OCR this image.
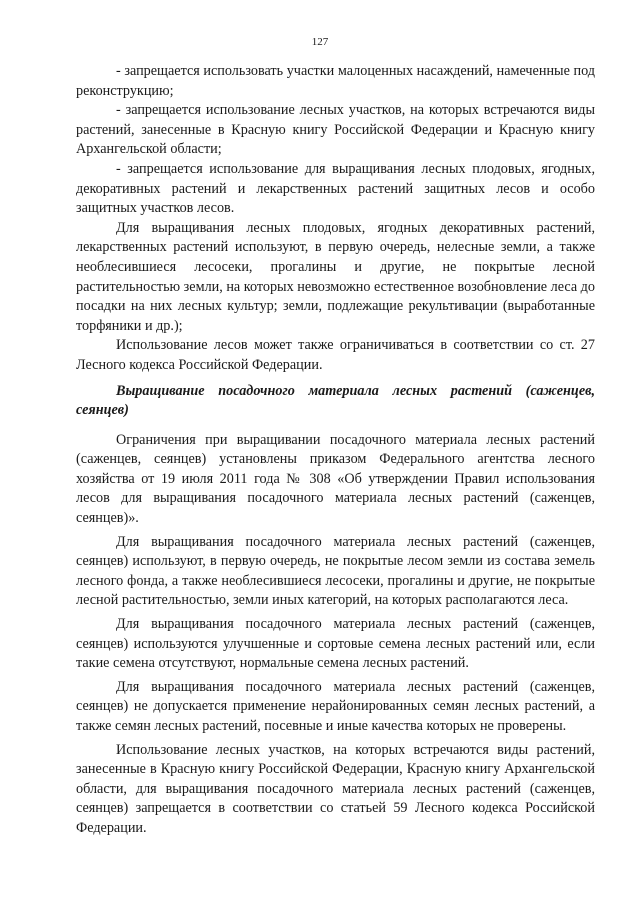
127

- запрещается использовать участки малоценных насаждений, намеченные под реконструкцию;

- запрещается использование лесных участков, на которых встречаются виды растений, занесенные в Красную книгу Российской Федерации и Красную книгу Архангельской области;

- запрещается использование для выращивания лесных плодовых, ягодных, декоративных растений и лекарственных растений защитных лесов и особо защитных участков лесов.

Для выращивания лесных плодовых, ягодных декоративных растений, лекарственных растений используют, в первую очередь, нелесные земли, а также необлесившиеся лесосеки, прогалины и другие, не покрытые лесной растительностью земли, на которых невозможно естественное возобновление леса до посадки на них лесных культур; земли, подлежащие рекультивации (выработанные торфяники и др.);

Использование лесов может также ограничиваться в соответствии со ст. 27 Лесного кодекса Российской Федерации.

Выращивание посадочного материала лесных растений (саженцев, сеянцев)

Ограничения при выращивании посадочного материала лесных растений (саженцев, сеянцев) установлены приказом Федерального агентства лесного хозяйства от 19 июля 2011 года № 308 «Об утверждении Правил использования лесов для выращивания посадочного материала лесных растений (саженцев, сеянцев)».

Для выращивания посадочного материала лесных растений (саженцев, сеянцев) используют, в первую очередь, не покрытые лесом земли из состава земель лесного фонда, а также необлесившиеся лесосеки, прогалины и другие, не покрытые лесной растительностью, земли иных категорий, на которых располагаются леса.

Для выращивания посадочного материала лесных растений (саженцев, сеянцев) используются улучшенные и сортовые семена лесных растений или, если такие семена отсутствуют, нормальные семена лесных растений.

Для выращивания посадочного материала лесных растений (саженцев, сеянцев) не допускается применение нерайонированных семян лесных растений, а также семян лесных растений, посевные и иные качества которых не проверены.

Использование лесных участков, на которых встречаются виды растений, занесенные в Красную книгу Российской Федерации, Красную книгу Архангельской области, для выращивания посадочного материала лесных растений (саженцев, сеянцев) запрещается в соответствии со статьей 59 Лесного кодекса Российской Федерации.
